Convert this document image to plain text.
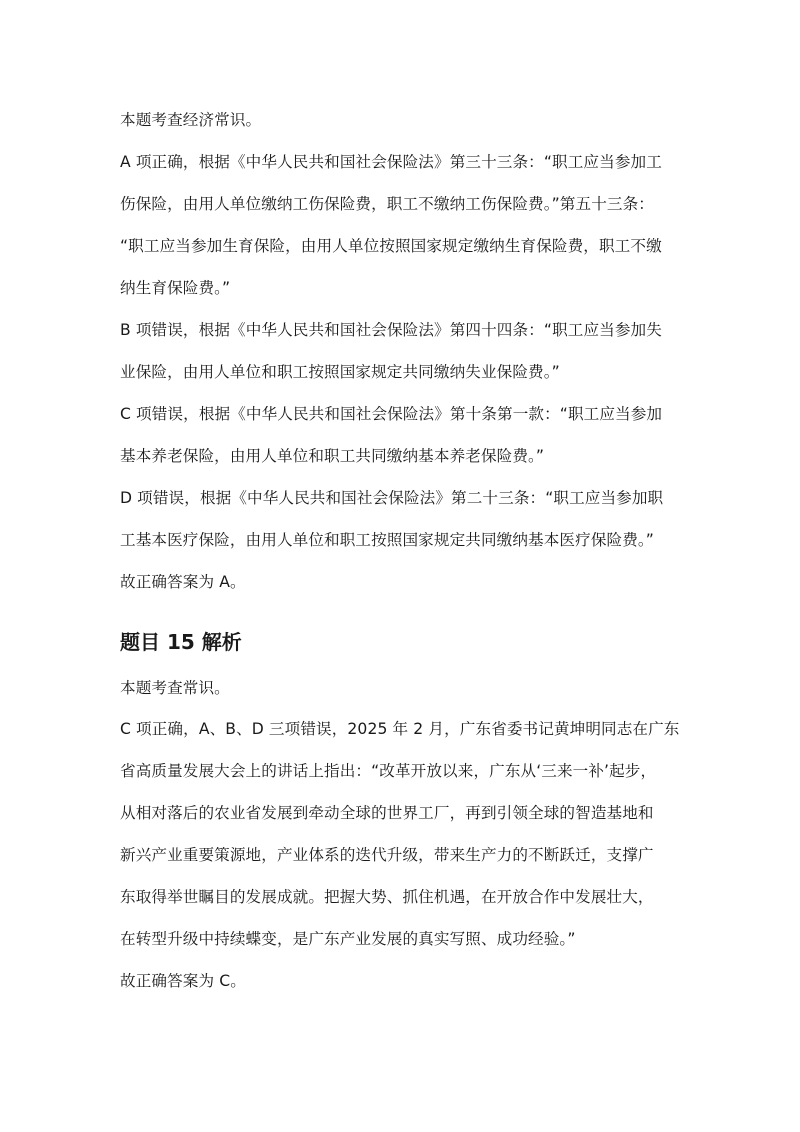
本题考查经济常识。
A 项正确，根据《中华人民共和国社会保险法》第三十三条：“职工应当参加工
伤保险，由用人单位缴纳工伤保险费，职工不缴纳工伤保险费。”第五十三条：
“职工应当参加生育保险，由用人单位按照国家规定缴纳生育保险费，职工不缴
纳生育保险费。”
B 项错误，根据《中华人民共和国社会保险法》第四十四条：“职工应当参加失
业保险，由用人单位和职工按照国家规定共同缴纳失业保险费。”
C 项错误，根据《中华人民共和国社会保险法》第十条第一款：“职工应当参加
基本养老保险，由用人单位和职工共同缴纳基本养老保险费。”
D 项错误，根据《中华人民共和国社会保险法》第二十三条：“职工应当参加职
工基本医疗保险，由用人单位和职工按照国家规定共同缴纳基本医疗保险费。”
故正确答案为 A。
题目 15 解析
本题考查常识。
C 项正确，A、B、D 三项错误，2025 年 2 月，广东省委书记黄坤明同志在广东
省高质量发展大会上的讲话上指出：“改革开放以来，广东从‘三来一补’起步，
从相对落后的农业省发展到牵动全球的世界工厂，再到引领全球的智造基地和
新兴产业重要策源地，产业体系的迭代升级，带来生产力的不断跃迁，支撑广
东取得举世瞩目的发展成就。把握大势、抓住机遇，在开放合作中发展壮大，
在转型升级中持续蝶变，是广东产业发展的真实写照、成功经验。”
故正确答案为 C。
